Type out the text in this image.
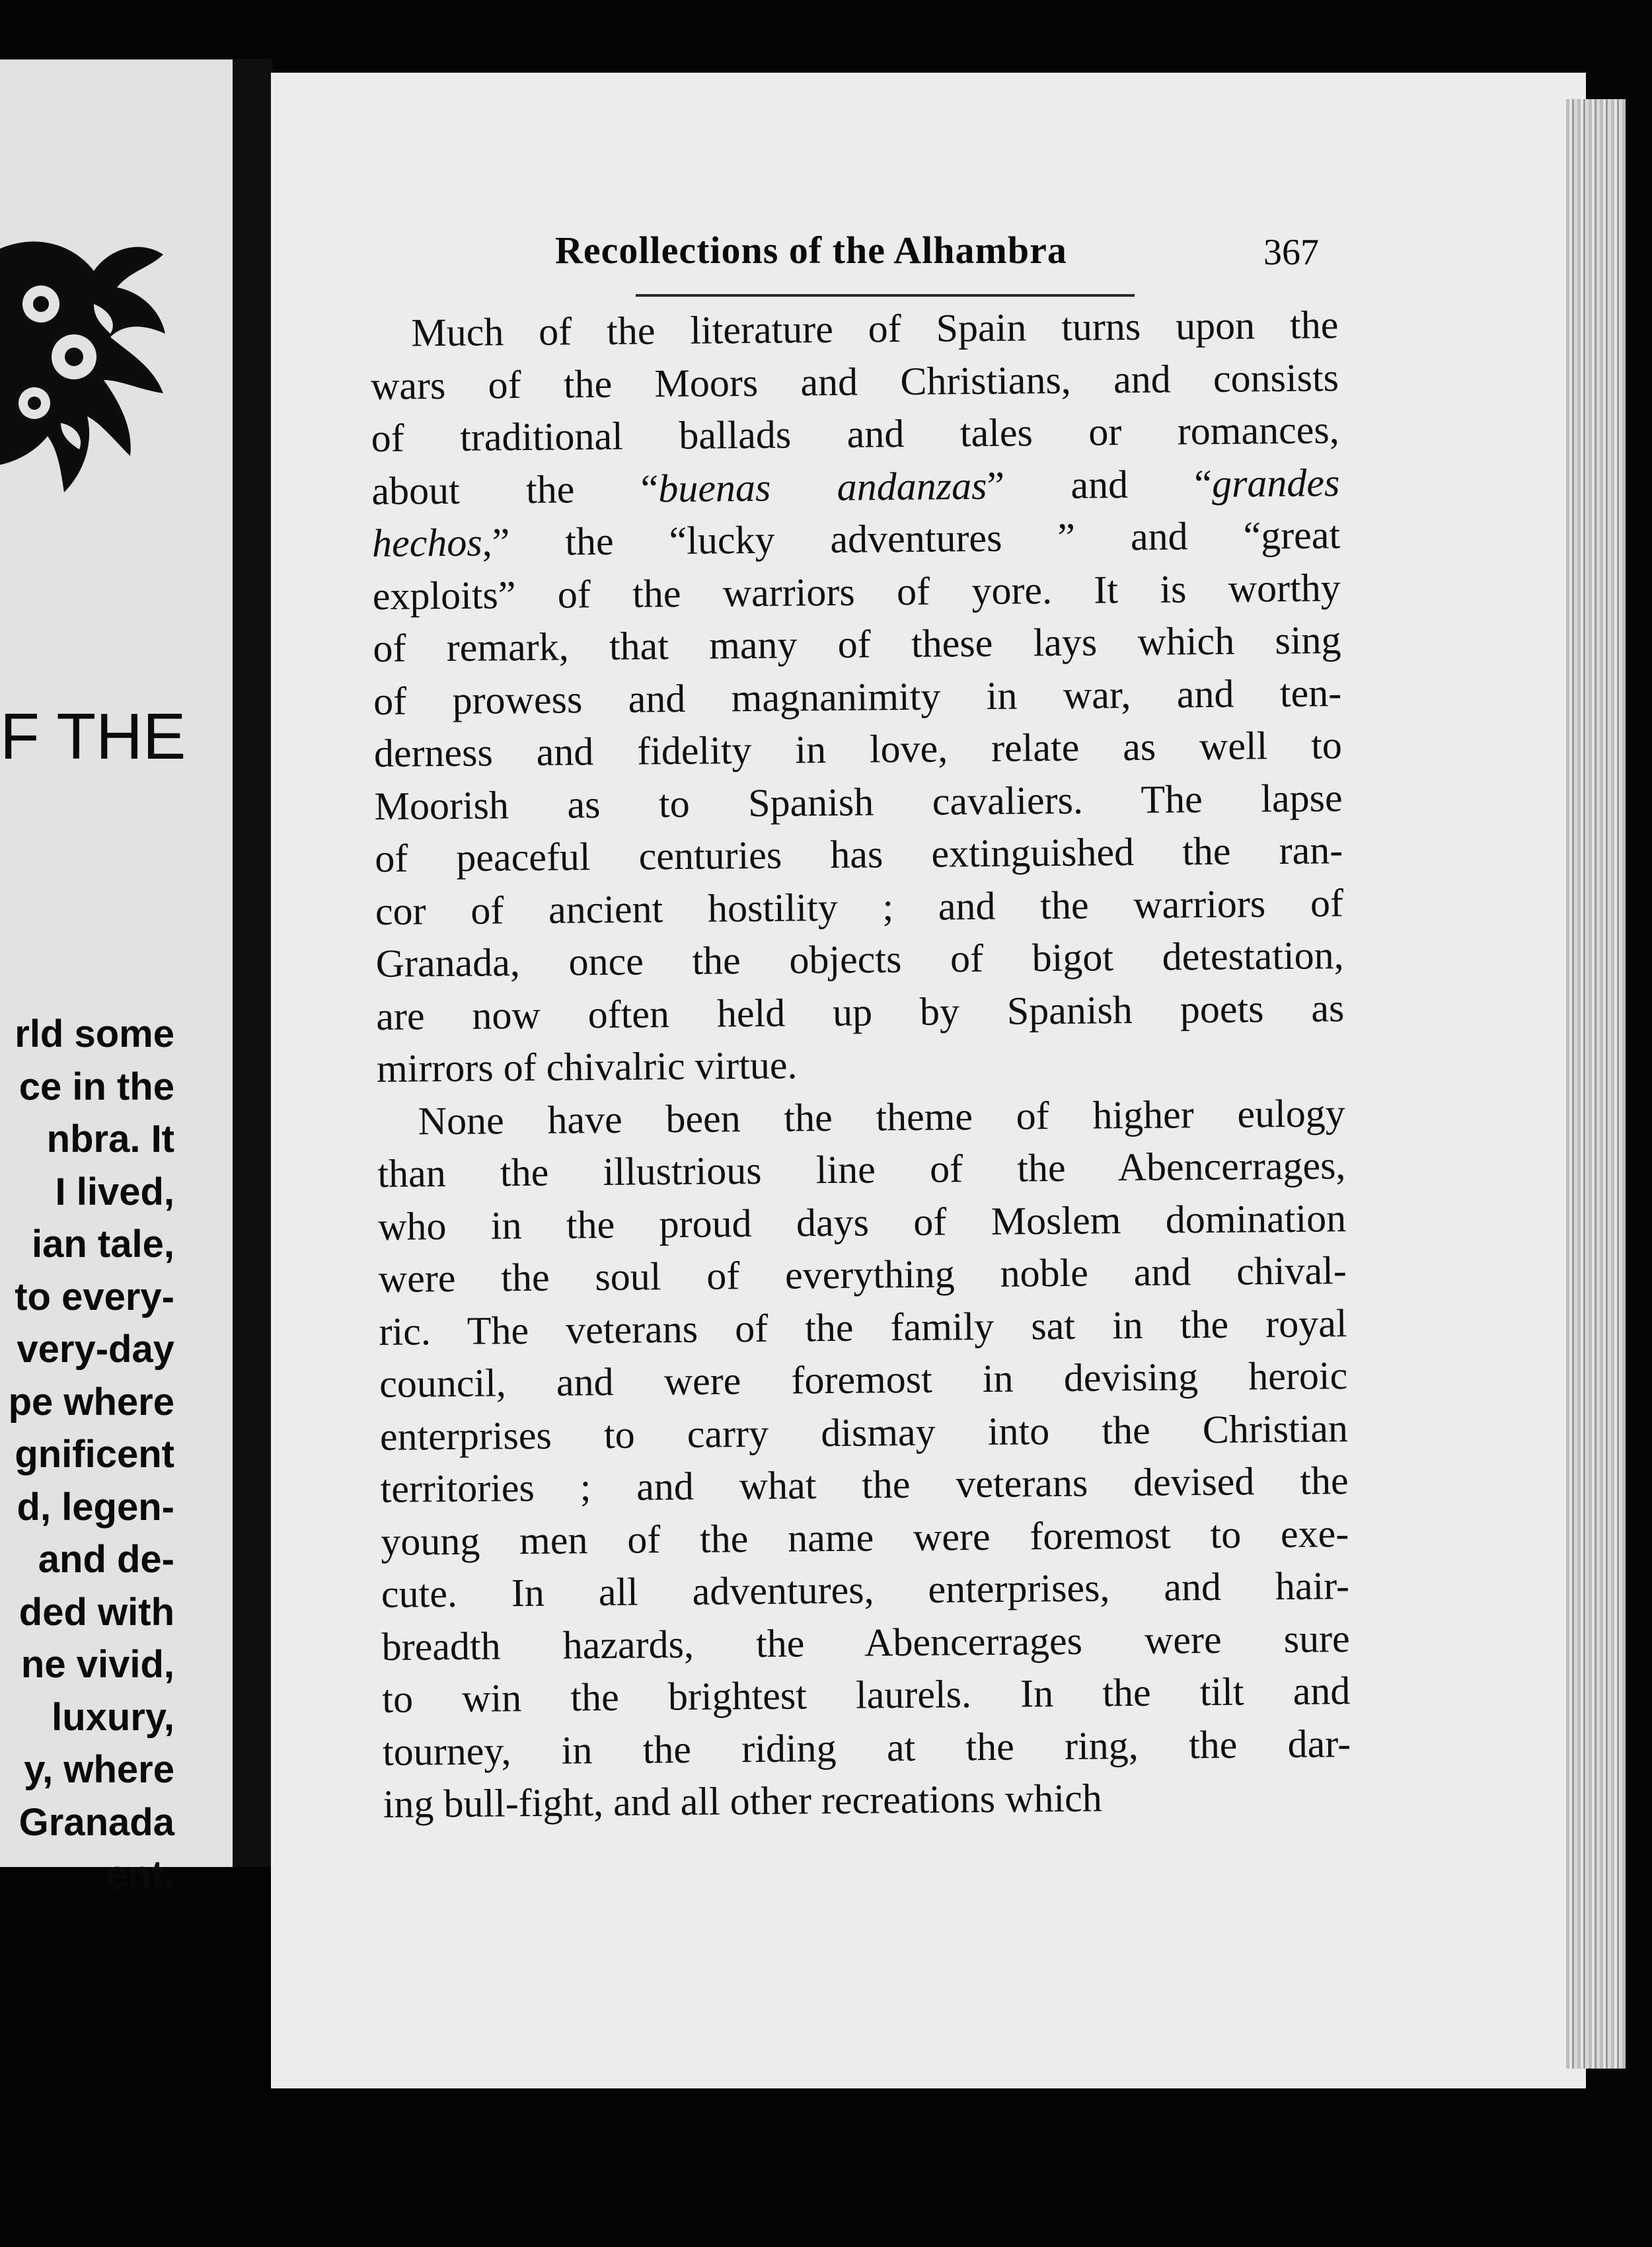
F THE
rld some
ce in the
nbra. It
I lived,
ian tale,
to every-
very-day
pe where
gnificent
d, legen-
and de-
ded with
ne vivid,
luxury,
y, where
Granada
ent.
Recollections of the Alhambra	367
Much of the literature of Spain turns upon the
wars of the Moors and Christians, and consists
of traditional ballads and tales or romances,
about the “buenas andanzas” and “grandes
hechos,” the “lucky adventures ” and “great
exploits” of the warriors of yore. It is worthy
of remark, that many of these lays which sing
of prowess and magnanimity in war, and ten-
derness and fidelity in love, relate as well to
Moorish as to Spanish cavaliers. The lapse
of peaceful centuries has extinguished the ran-
cor of ancient hostility ; and the warriors of
Granada, once the objects of bigot detestation,
are now often held up by Spanish poets as
mirrors of chivalric virtue.
None have been the theme of higher eulogy
than the illustrious line of the Abencerrages,
who in the proud days of Moslem domination
were the soul of everything noble and chival-
ric. The veterans of the family sat in the royal
council, and were foremost in devising heroic
enterprises to carry dismay into the Christian
territories ; and what the veterans devised the
young men of the name were foremost to exe-
cute. In all adventures, enterprises, and hair-
breadth hazards, the Abencerrages were sure
to win the brightest laurels. In the tilt and
tourney, in the riding at the ring, the dar-
ing bull-fight, and all other recreations which
